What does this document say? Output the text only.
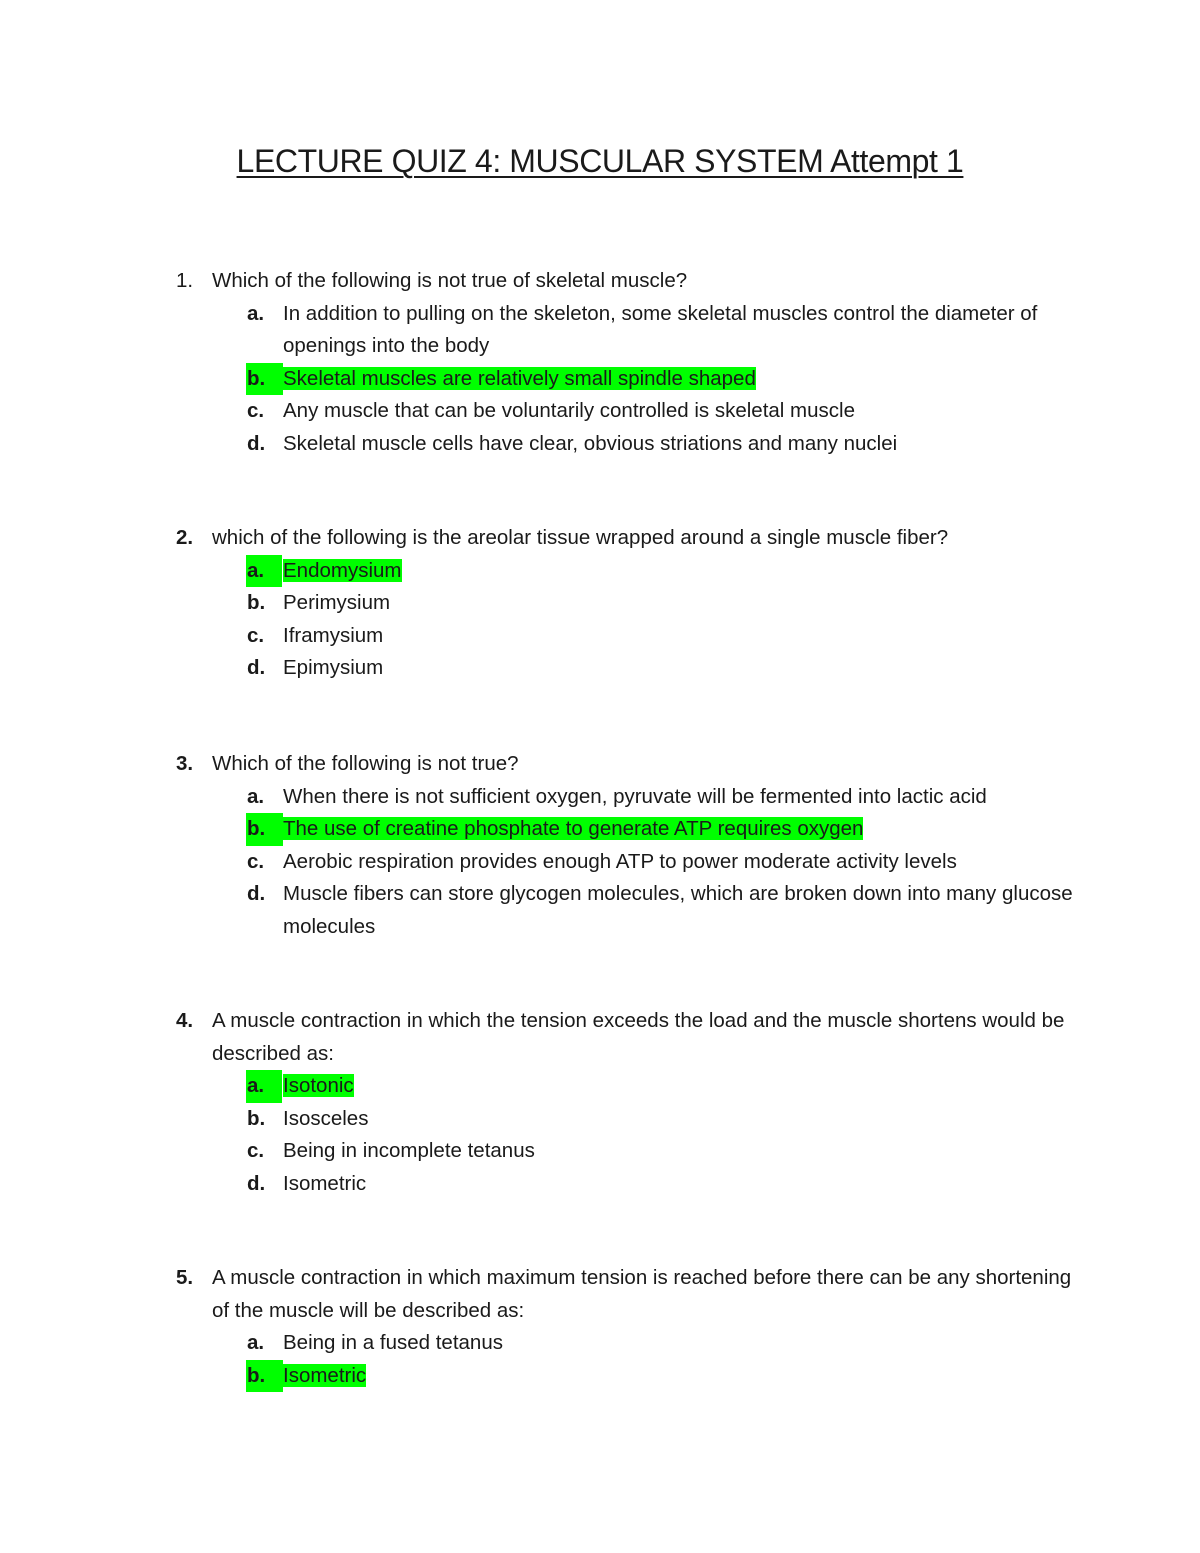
LECTURE QUIZ 4: MUSCULAR SYSTEM Attempt 1
1. Which of the following is not true of skeletal muscle?
a. In addition to pulling on the skeleton, some skeletal muscles control the diameter of openings into the body
b. Skeletal muscles are relatively small spindle shaped
c. Any muscle that can be voluntarily controlled is skeletal muscle
d. Skeletal muscle cells have clear, obvious striations and many nuclei
2. which of the following is the areolar tissue wrapped around a single muscle fiber?
a. Endomysium
b. Perimysium
c. Iframysium
d. Epimysium
3. Which of the following is not true?
a. When there is not sufficient oxygen, pyruvate will be fermented into lactic acid
b. The use of creatine phosphate to generate ATP requires oxygen
c. Aerobic respiration provides enough ATP to power moderate activity levels
d. Muscle fibers can store glycogen molecules, which are broken down into many glucose molecules
4. A muscle contraction in which the tension exceeds the load and the muscle shortens would be described as:
a. Isotonic
b. Isosceles
c. Being in incomplete tetanus
d. Isometric
5. A muscle contraction in which maximum tension is reached before there can be any shortening of the muscle will be described as:
a. Being in a fused tetanus
b. Isometric
